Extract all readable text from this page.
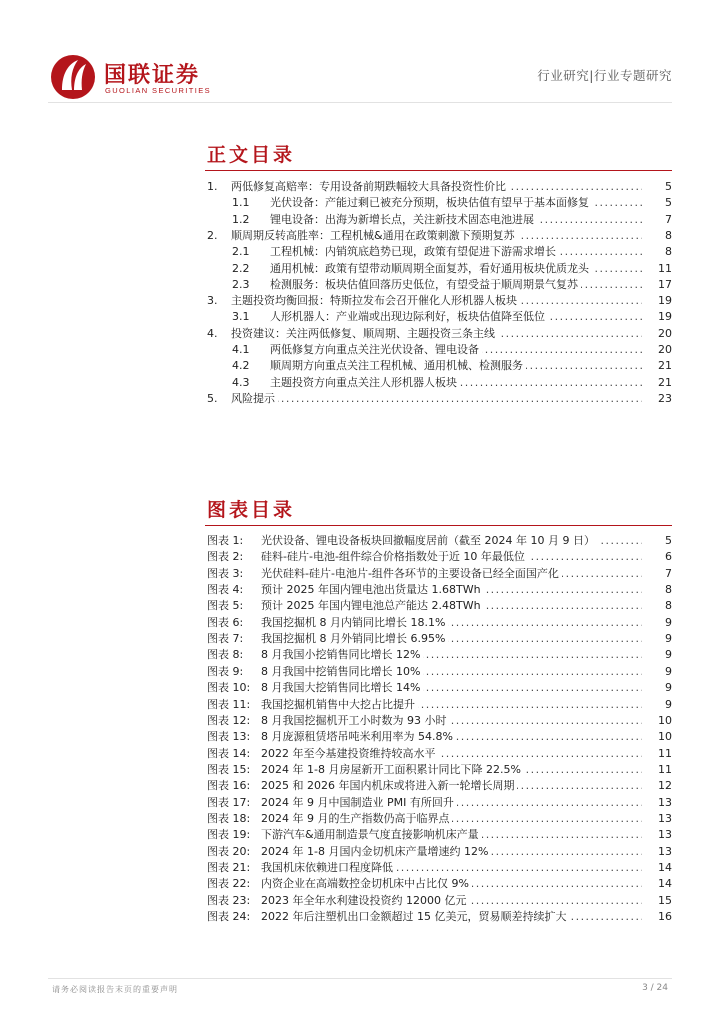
国联证券
GUOLIAN SECURITIES
行业研究|行业专题研究
正文目录
1. 两低修复高赔率：专用设备前期跌幅较大具备投资性价比 . . .	5
1.1 光伏设备：产能过剩已被充分预期，板块估值有望早于基本面修复 . . .	5
1.2 锂电设备：出海为新增长点，关注新技术固态电池进展 . . .	7
2. 顺周期反转高胜率：工程机械&通用在政策刺激下预期复苏 . . .	8
2.1 工程机械：内销筑底趋势已现，政策有望促进下游需求增长 . . .	8
2.2 通用机械：政策有望带动顺周期全面复苏，看好通用板块优质龙头 . . .	11
2.3 检测服务：板块估值回落历史低位，有望受益于顺周期景气复苏 . . .	17
3. 主题投资均衡回报：特斯拉发布会召开催化人形机器人板块 . . .	19
3.1 人形机器人：产业端或出现边际利好，板块估值降至低位 . . .	19
4. 投资建议：关注两低修复、顺周期、主题投资三条主线 . . .	20
4.1 两低修复方向重点关注光伏设备、锂电设备 . . .	20
4.2 顺周期方向重点关注工程机械、通用机械、检测服务 . . .	21
4.3 主题投资方向重点关注人形机器人板块 . . .	21
5. 风险提示 . . .	23
图表目录
图表 1: 光伏设备、锂电设备板块回撤幅度居前（截至 2024 年 10 月 9 日） . . .	5
图表 2: 硅料-硅片-电池-组件综合价格指数处于近 10 年最低位 . . .	6
图表 3: 光伏硅料-硅片-电池片-组件各环节的主要设备已经全面国产化 . . .	7
图表 4: 预计 2025 年国内锂电池出货量达 1.68TWh . . .	8
图表 5: 预计 2025 年国内锂电池总产能达 2.48TWh . . .	8
图表 6: 我国挖掘机 8 月内销同比增长 18.1% . . .	9
图表 7: 我国挖掘机 8 月外销同比增长 6.95% . . .	9
图表 8: 8 月我国小挖销售同比增长 12% . . .	9
图表 9: 8 月我国中挖销售同比增长 10% . . .	9
图表 10: 8 月我国大挖销售同比增长 14% . . .	9
图表 11: 我国挖掘机销售中大挖占比提升 . . .	9
图表 12: 8 月我国挖掘机开工小时数为 93 小时 . . .	10
图表 13: 8 月庞源租赁塔吊吨米利用率为 54.8% . . .	10
图表 14: 2022 年至今基建投资维持较高水平 . . .	11
图表 15: 2024 年 1-8 月房屋新开工面积累计同比下降 22.5% . . .	11
图表 16: 2025 和 2026 年国内机床或将进入新一轮增长周期 . . .	12
图表 17: 2024 年 9 月中国制造业 PMI 有所回升 . . .	13
图表 18: 2024 年 9 月的生产指数仍高于临界点 . . .	13
图表 19: 下游汽车&通用制造景气度直接影响机床产量 . . .	13
图表 20: 2024 年 1-8 月国内金切机床产量增速约 12% . . .	13
图表 21: 我国机床依赖进口程度降低 . . .	14
图表 22: 内资企业在高端数控金切机床中占比仅 9% . . .	14
图表 23: 2023 年全年水利建设投资约 12000 亿元 . . .	15
图表 24: 2022 年后注塑机出口金额超过 15 亿美元，贸易顺差持续扩大 . . .	16
请务必阅读报告末页的重要声明	3 / 24
